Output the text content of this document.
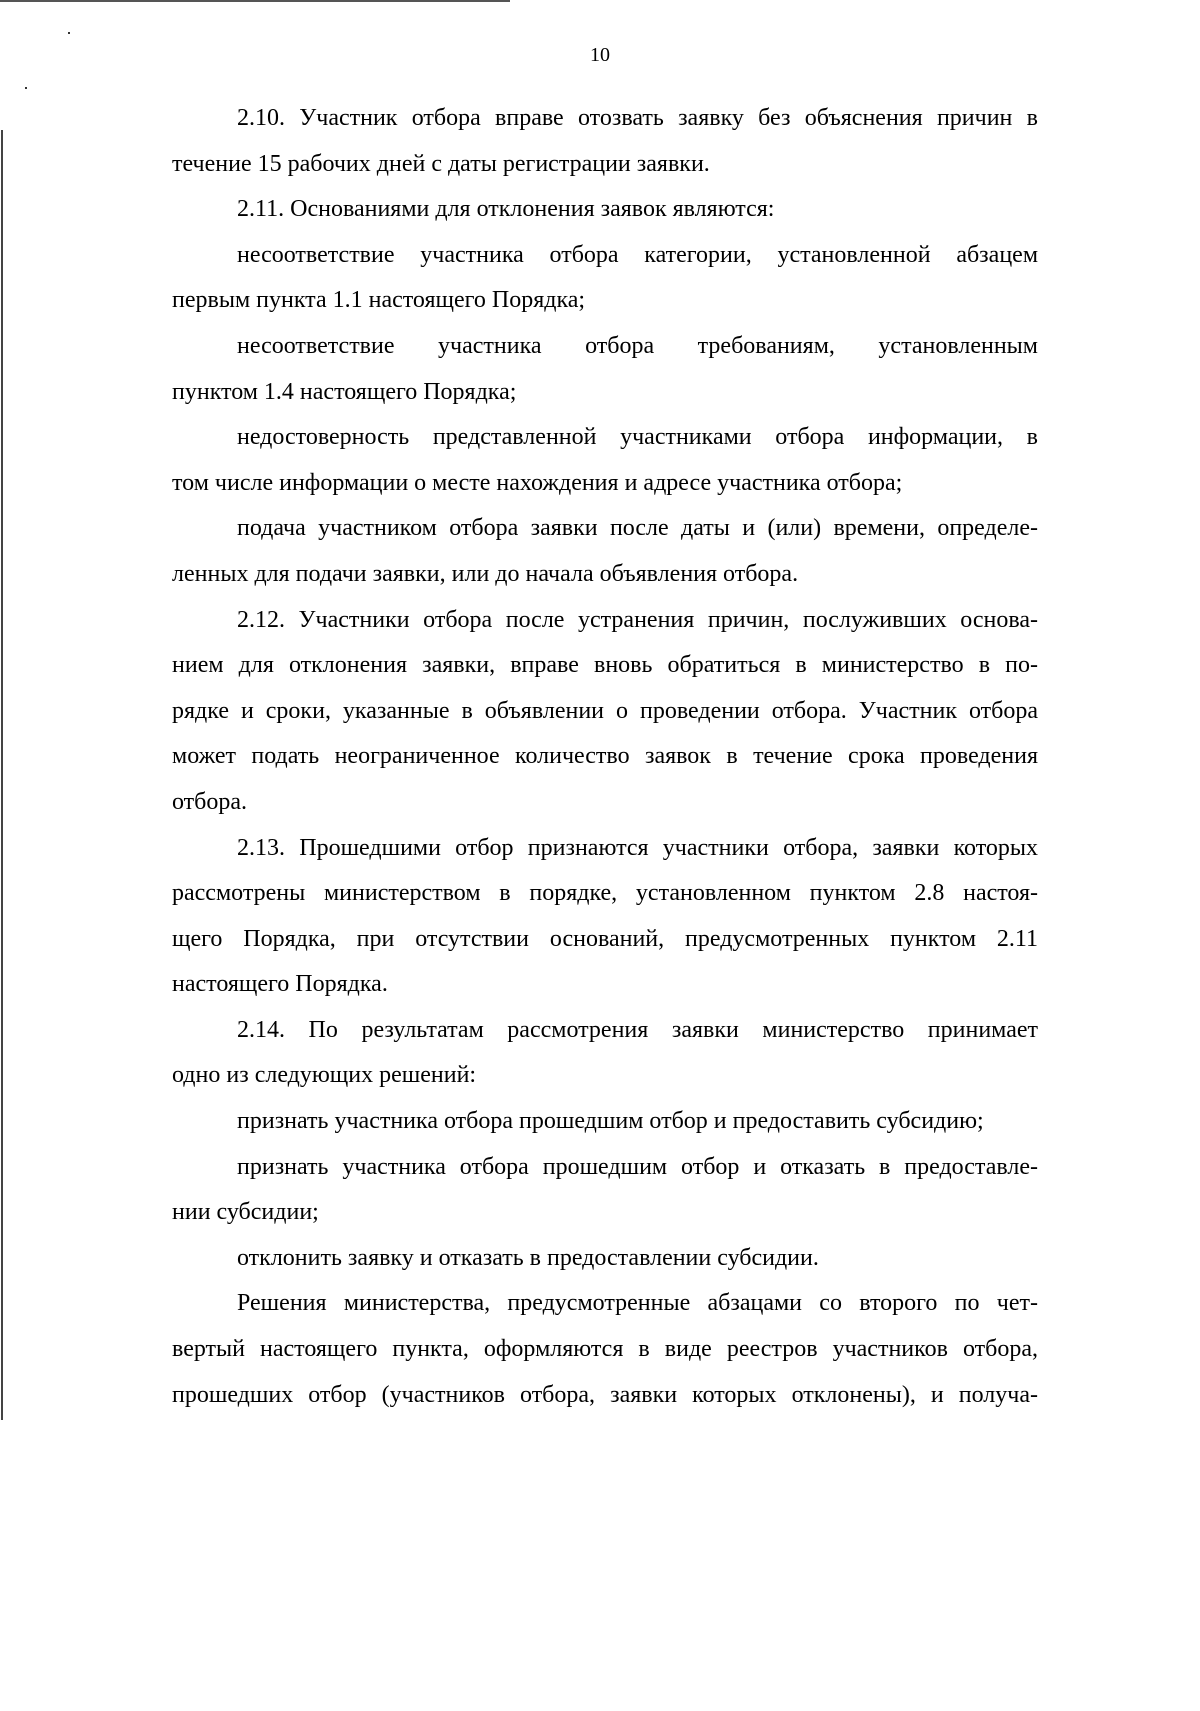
10
2.10. Участник отбора вправе отозвать заявку без объяснения причин в
течение 15 рабочих дней с даты регистрации заявки.
2.11. Основаниями для отклонения заявок являются:
несоответствие участника отбора категории, установленной абзацем
первым пункта 1.1 настоящего Порядка;
несоответствие участника отбора требованиям, установленным
пунктом 1.4 настоящего Порядка;
недостоверность представленной участниками отбора информации, в
том числе информации о месте нахождения и адресе участника отбора;
подача участником отбора заявки после даты и (или) времени, определе-
ленных для подачи заявки, или до начала объявления отбора.
2.12. Участники отбора после устранения причин, послуживших основа-
нием для отклонения заявки, вправе вновь обратиться в министерство в по-
рядке и сроки, указанные в объявлении о проведении отбора. Участник отбора
может подать неограниченное количество заявок в течение срока проведения
отбора.
2.13. Прошедшими отбор признаются участники отбора, заявки которых
рассмотрены министерством в порядке, установленном пунктом 2.8 настоя-
щего Порядка, при отсутствии оснований, предусмотренных пунктом 2.11
настоящего Порядка.
2.14. По результатам рассмотрения заявки министерство принимает
одно из следующих решений:
признать участника отбора прошедшим отбор и предоставить субсидию;
признать участника отбора прошедшим отбор и отказать в предоставле-
нии субсидии;
отклонить заявку и отказать в предоставлении субсидии.
Решения министерства, предусмотренные абзацами со второго по чет-
вертый настоящего пункта, оформляются в виде реестров участников отбора,
прошедших отбор (участников отбора, заявки которых отклонены), и получа-
